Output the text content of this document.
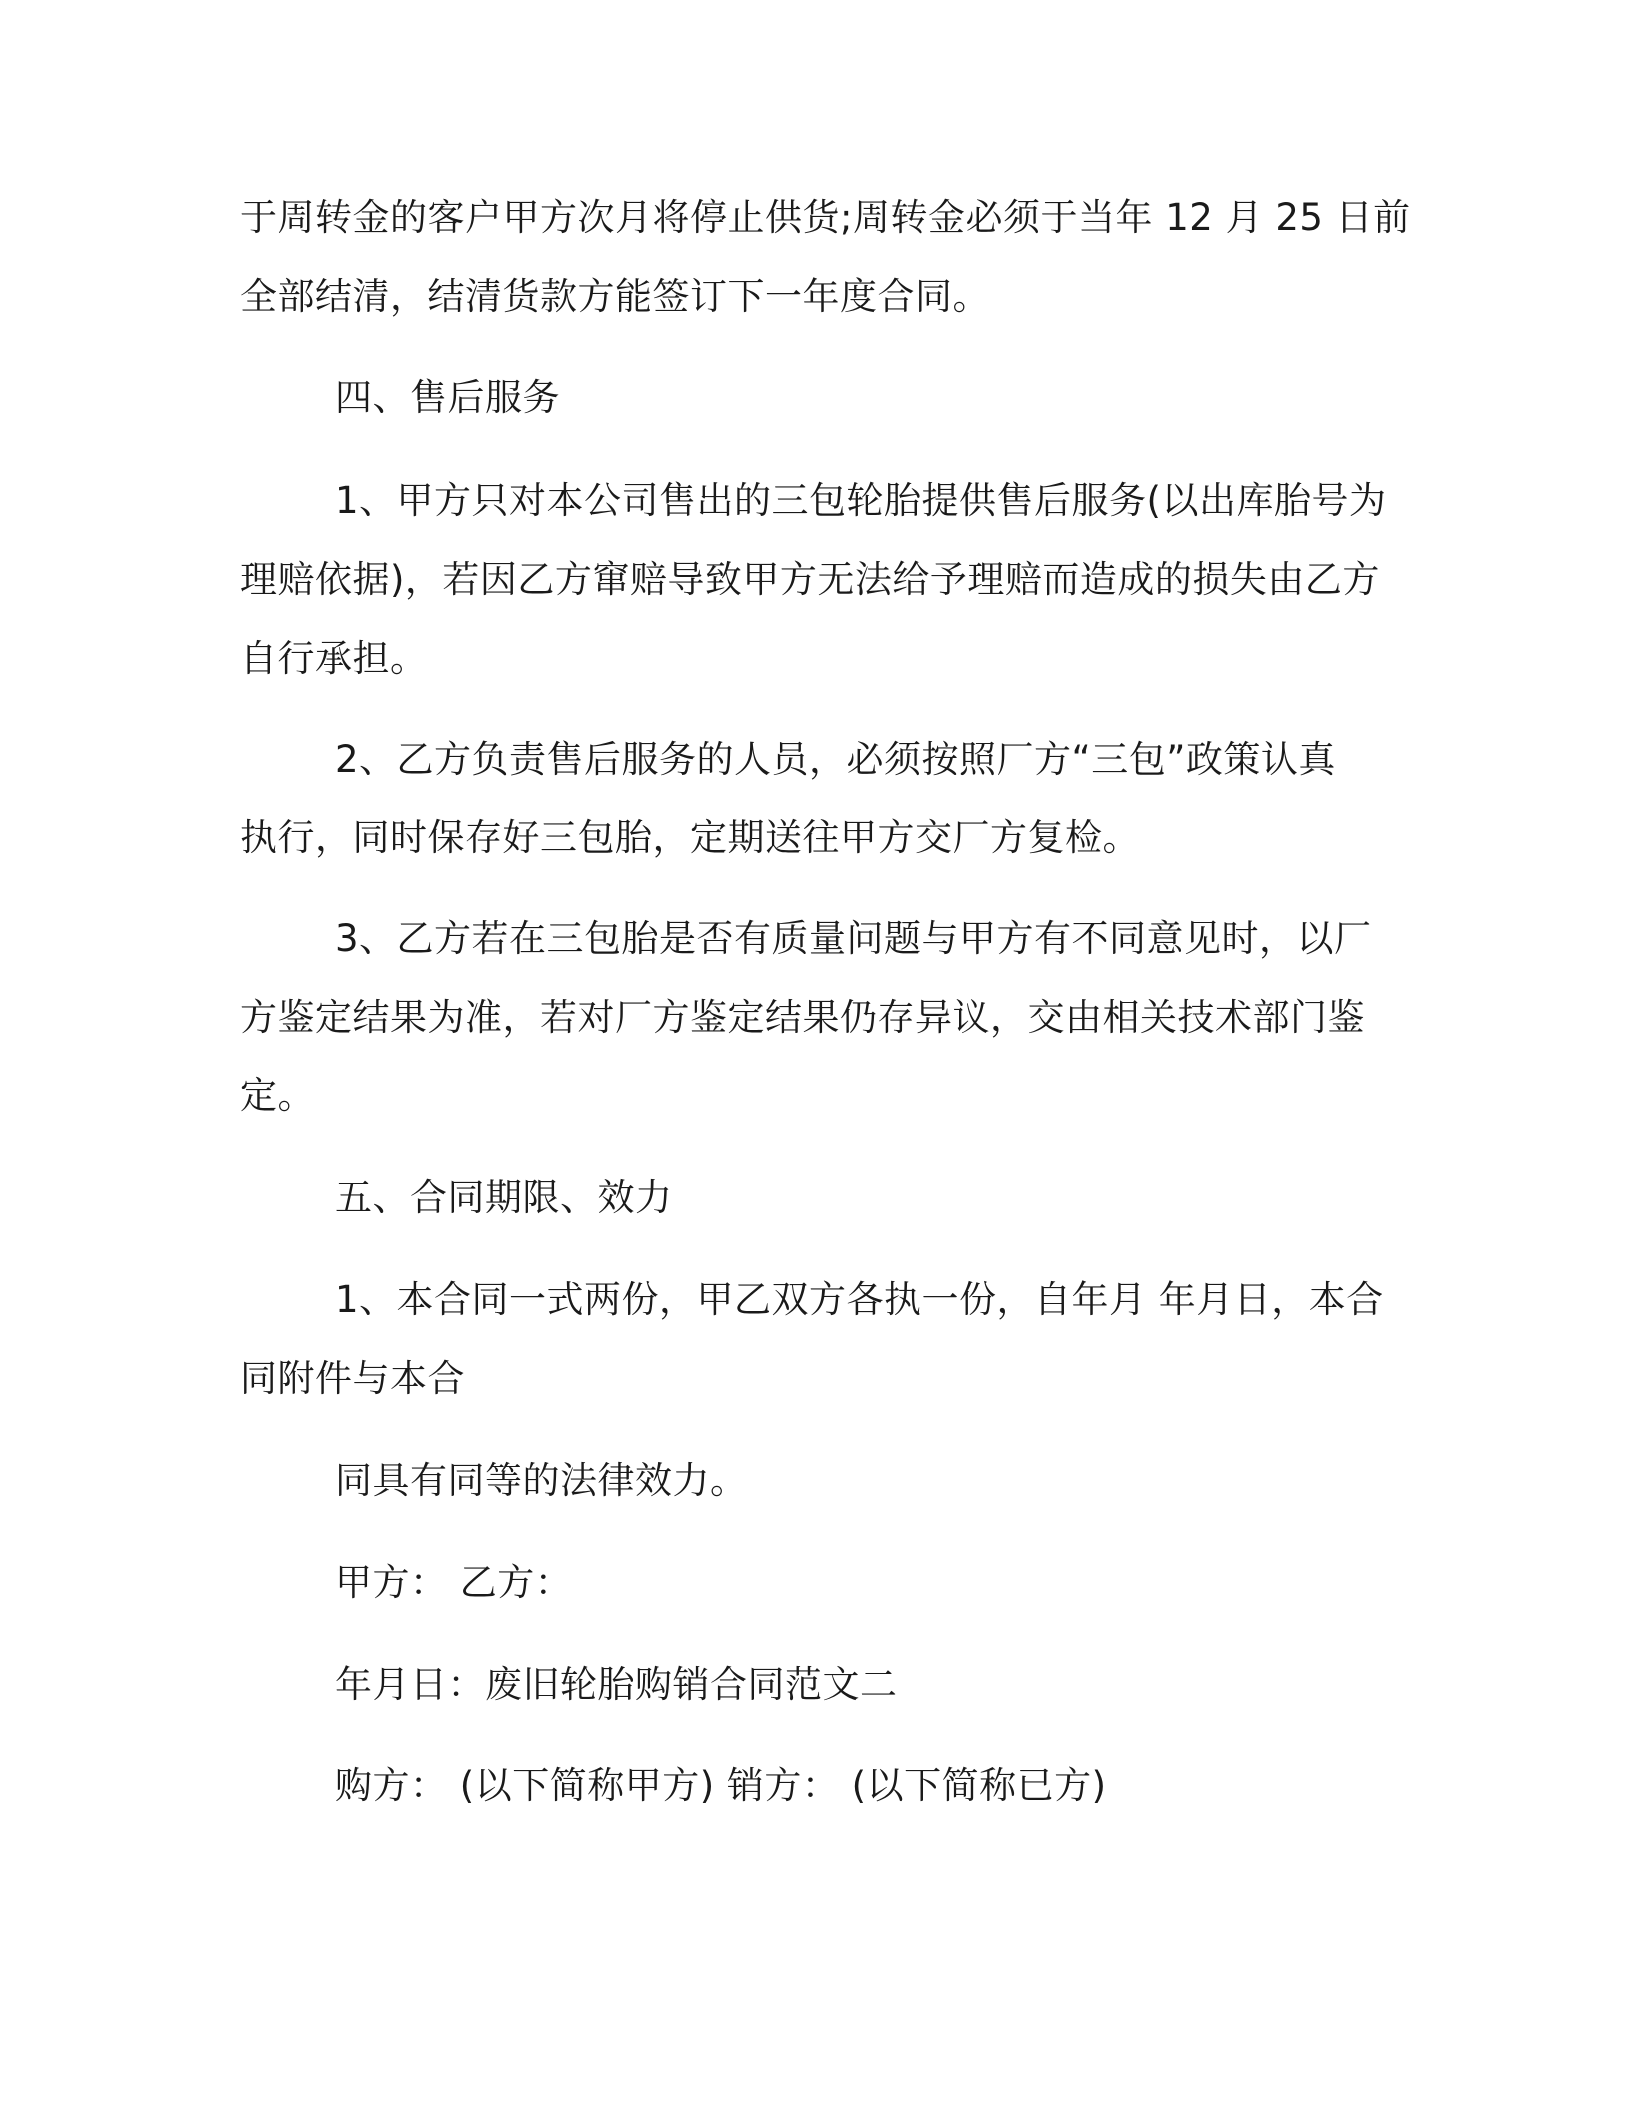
于周转金的客户甲方次月将停止供货;周转金必须于当年 12 月 25 日前
全部结清，结清货款方能签订下一年度合同。
四、售后服务
1、甲方只对本公司售出的三包轮胎提供售后服务(以出库胎号为
理赔依据)，若因乙方窜赔导致甲方无法给予理赔而造成的损失由乙方
自行承担。
2、乙方负责售后服务的人员，必须按照厂方“三包”政策认真
执行，同时保存好三包胎，定期送往甲方交厂方复检。
3、乙方若在三包胎是否有质量问题与甲方有不同意见时，以厂
方鉴定结果为准，若对厂方鉴定结果仍存异议，交由相关技术部门鉴
定。
五、合同期限、效力
1、本合同一式两份，甲乙双方各执一份，自年月 年月日，本合
同附件与本合
同具有同等的法律效力。
甲方： 乙方：
年月日：废旧轮胎购销合同范文二
购方： (以下简称甲方) 销方： (以下简称已方)
